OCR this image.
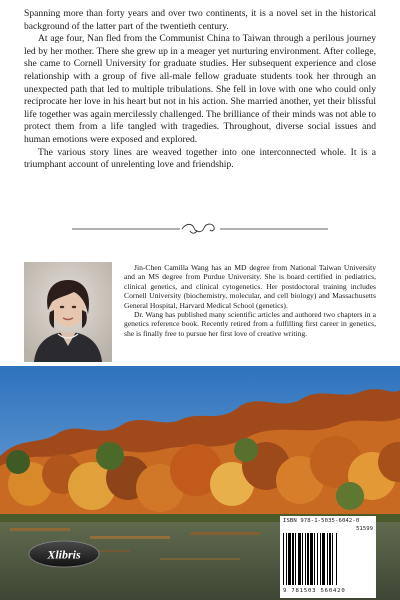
Spanning more than forty years and over two continents, it is a novel set in the historical background of the latter part of the twentieth century.

At age four, Nan fled from the Communist China to Taiwan through a perilous journey led by her mother. There she grew up in a meager yet nurturing environment. After college, she came to Cornell University for graduate studies. Her subsequent experience and close relationship with a group of five all-male fellow graduate students took her through an unexpected path that led to multiple tribulations. She fell in love with one who could only reciprocate her love in his heart but not in his action. She married another, yet their blissful life together was again mercilessly challenged. The brilliance of their minds was not able to protect them from a life tangled with tragedies. Throughout, diverse social issues and human emotions were exposed and explored.

The various story lines are weaved together into one interconnected whole. It is a triumphant account of unrelenting love and friendship.

Jin-Chen Camilla Wang has an MD degree from National Taiwan University and an MS degree from Purdue University. She is board certified in pediatrics, clinical genetics, and clinical cytogenetics. Her postdoctoral training includes Cornell University (biochemistry, molecular, and cell biology) and Massachusetts General Hospital, Harvard Medical School (genetics).

Dr. Wang has published many scientific articles and authored two chapters in a genetics reference book. Recently retired from a fulfilling first career in genetics, she is finally free to pursue her first love of creative writing.

Xlibris
ISBN 978-1-5035-6042-0
51599
9 781503 560420
